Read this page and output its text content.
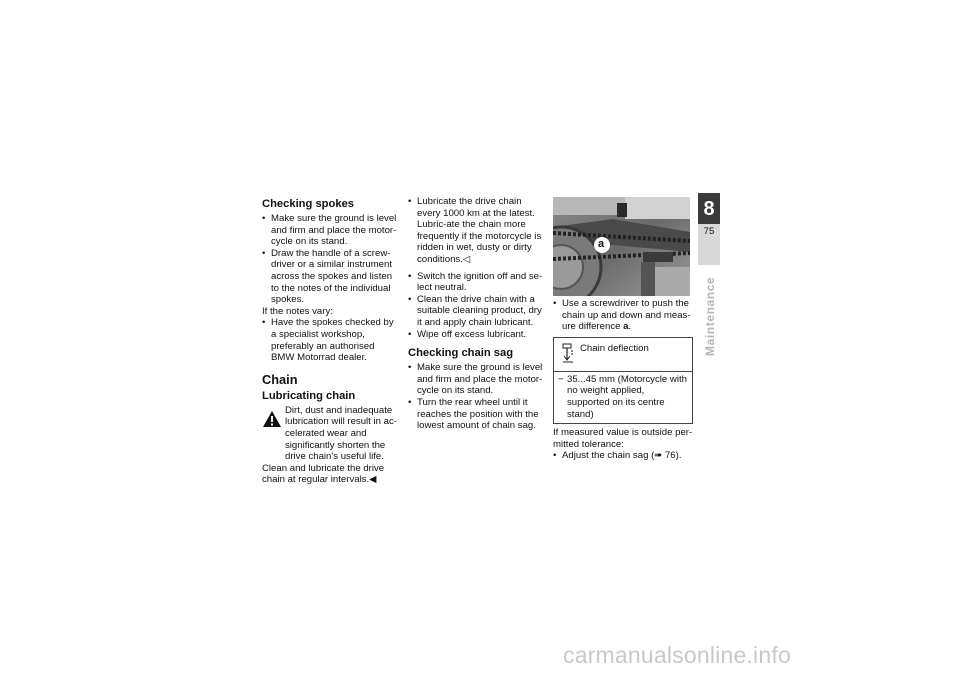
Checking spokes
• Make sure the ground is level and firm and place the motor-cycle on its stand.
• Draw the handle of a screw-driver or a similar instrument across the spokes and listen to the notes of the individual spokes.

If the notes vary:

• Have the spokes checked by a specialist workshop, preferably an authorised BMW Motorrad dealer.
Chain
Lubricating chain

Dirt, dust and inadequate lubrication will result in ac-celerated wear and significantly shorten the drive chain's useful life.

Clean and lubricate the drive chain at regular intervals.◀

• Lubricate the drive chain every 1000 km at the latest. Lubric-ate the chain more frequently if the motorcycle is ridden in wet, dusty or dirty conditions.◁
• Switch the ignition off and se-lect neutral.
• Clean the drive chain with a suitable cleaning product, dry it and apply chain lubricant.
• Wipe off excess lubricant.
Checking chain sag
• Make sure the ground is level and firm and place the motor-cycle on its stand.
• Turn the rear wheel until it reaches the position with the lowest amount of chain sag.
a
• Use a screwdriver to push the chain up and down and meas-ure difference a.
Chain deflection
− 35...45 mm (Motorcycle with no weight applied, supported on its centre stand)

If measured value is outside per-mitted tolerance:

• Adjust the chain sag (➠ 76).
8
75
Maintenance
carmanualsonline.info
